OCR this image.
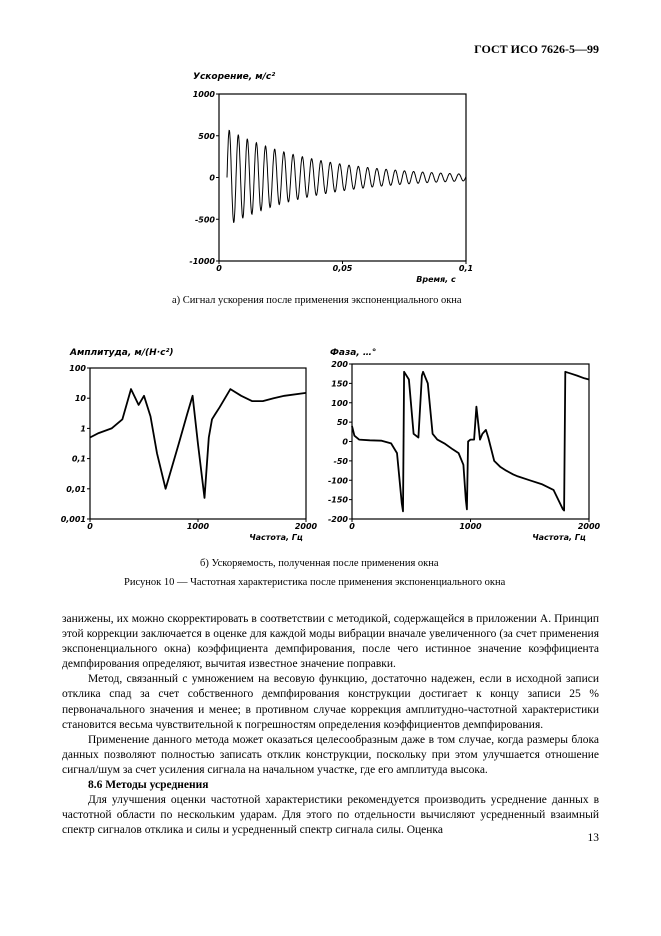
ГОСТ ИСО 7626-5—99
Ускорение, м/с²
0	0,05	0,1
1000
500
0
-500
-1000
Время, с
а) Сигнал ускорения после применения экспоненциального окна
Амплитуда, м/(Н·с²)
0	1000	2000
100
10
1
0,1
0,01
0,001
Частота, Гц
Фаза, …°
0	1000	2000
200
150
100
50
0
-50
-100
-150
-200
Частота, Гц
б) Ускоряемость, полученная после применения окна
Рисунок 10 — Частотная характеристика после применения экспоненциального окна

занижены, их можно скорректировать в соответствии с методикой, содержащейся в приложении А. Принцип этой коррекции заключается в оценке для каждой моды вибрации вначале увеличенного (за счет применения экспоненциального окна) коэффициента демпфирования, после чего истинное значение коэффициента демпфирования определяют, вычитая известное значение поправки.

Метод, связанный с умножением на весовую функцию, достаточно надежен, если в исходной записи отклика спад за счет собственного демпфирования конструкции достигает к концу записи 25 % первоначального значения и менее; в противном случае коррекция амплитудно-частотной характеристики становится весьма чувствительной к погрешностям определения коэффициентов демпфирования.

Применение данного метода может оказаться целесообразным даже в том случае, когда размеры блока данных позволяют полностью записать отклик конструкции, поскольку при этом улучшается отношение сигнал/шум за счет усиления сигнала на начальном участке, где его амплитуда высока.

8.6 Методы усреднения

Для улучшения оценки частотной характеристики рекомендуется производить усреднение данных в частотной области по нескольким ударам. Для этого по отдельности вычисляют усредненный взаимный спектр сигналов отклика и силы и усредненный спектр сигнала силы. Оценка

13
